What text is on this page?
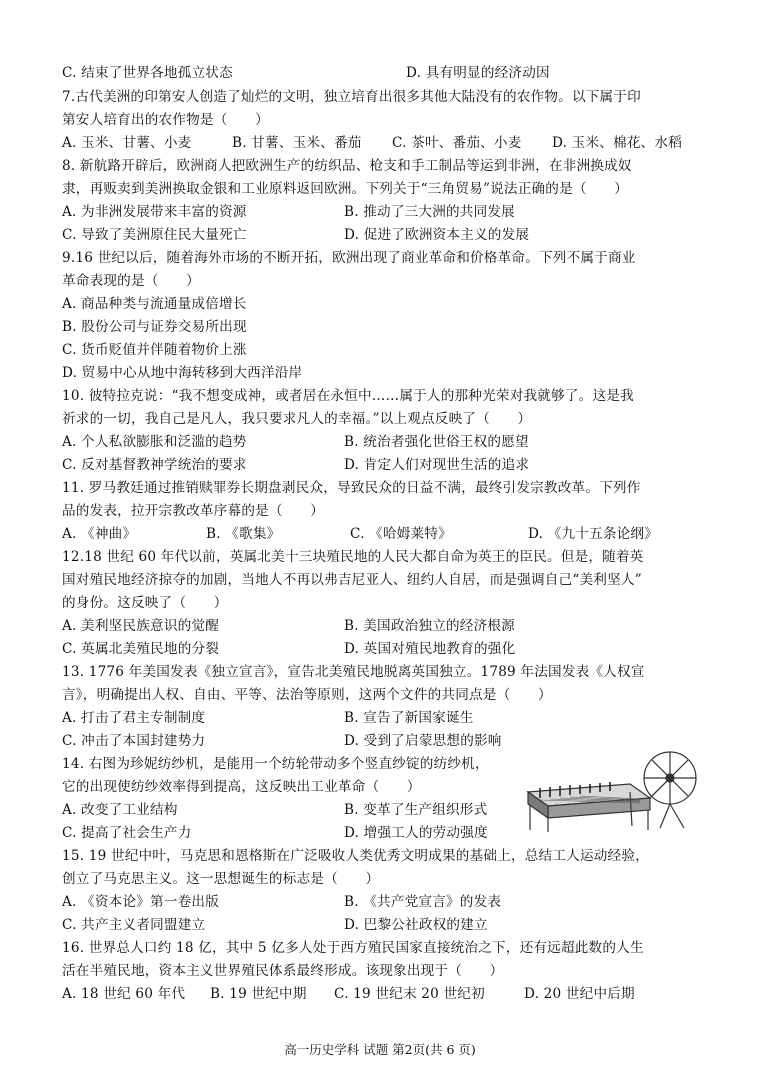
C. 结束了世界各地孤立状态	D. 具有明显的经济动因
7.古代美洲的印第安人创造了灿烂的文明，独立培育出很多其他大陆没有的农作物。以下属于印
第安人培育出的农作物是（　　）
A. 玉米、甘薯、小麦	B. 甘薯、玉米、番茄 C. 茶叶、番茄、小麦 D. 玉米、棉花、水稻
8. 新航路开辟后，欧洲商人把欧洲生产的纺织品、枪支和手工制品等运到非洲，在非洲换成奴
隶，再贩卖到美洲换取金银和工业原料返回欧洲。下列关于“三角贸易”说法正确的是（　　）
A. 为非洲发展带来丰富的资源	B. 推动了三大洲的共同发展
C. 导致了美洲原住民大量死亡	D. 促进了欧洲资本主义的发展
9.16 世纪以后，随着海外市场的不断开拓，欧洲出现了商业革命和价格革命。下列不属于商业
革命表现的是（　　）
A. 商品种类与流通量成倍增长
B. 股份公司与证券交易所出现
C. 货币贬值并伴随着物价上涨
D. 贸易中心从地中海转移到大西洋沿岸
10. 彼特拉克说：“我不想变成神，或者居在永恒中……属于人的那种光荣对我就够了。这是我
祈求的一切，我自己是凡人，我只要求凡人的幸福。”以上观点反映了（　　）
A. 个人私欲膨胀和泛滥的趋势	B. 统治者强化世俗王权的愿望
C. 反对基督教神学统治的要求	D. 肯定人们对现世生活的追求
11. 罗马教廷通过推销赎罪券长期盘剥民众，导致民众的日益不满，最终引发宗教改革。下列作
品的发表，拉开宗教改革序幕的是（　　）
A. 《神曲》	B. 《歌集》	C. 《哈姆莱特》	D. 《九十五条论纲》
12.18 世纪 60 年代以前，英属北美十三块殖民地的人民大都自命为英王的臣民。但是，随着英
国对殖民地经济掠夺的加剧，当地人不再以弗吉尼亚人、纽约人自居，而是强调自己“美利坚人”
的身份。这反映了（　　）
A. 美利坚民族意识的觉醒	B. 美国政治独立的经济根源
C. 英属北美殖民地的分裂	D. 英国对殖民地教育的强化
13. 1776 年美国发表《独立宣言》，宣告北美殖民地脱离英国独立。1789 年法国发表《人权宣
言》，明确提出人权、自由、平等、法治等原则，这两个文件的共同点是（　　）
A. 打击了君主专制制度	B. 宣告了新国家诞生
C. 冲击了本国封建势力	D. 受到了启蒙思想的影响
14. 右图为珍妮纺纱机，是能用一个纺轮带动多个竖直纱锭的纺纱机，
它的出现使纺纱效率得到提高，这反映出工业革命（　　）
A. 改变了工业结构	B. 变革了生产组织形式
C. 提高了社会生产力	D. 增强工人的劳动强度
15. 19 世纪中叶，马克思和恩格斯在广泛吸收人类优秀文明成果的基础上，总结工人运动经验，
创立了马克思主义。这一思想诞生的标志是（　　）
A. 《资本论》第一卷出版	B. 《共产党宣言》的发表
C. 共产主义者同盟建立	D. 巴黎公社政权的建立
16. 世界总人口约 18 亿，其中 5 亿多人处于西方殖民国家直接统治之下，还有远超此数的人生
活在半殖民地，资本主义世界殖民体系最终形成。该现象出现于（　　）
A. 18 世纪 60 年代 B. 19 世纪中期 C. 19 世纪末 20 世纪初	D. 20 世纪中后期
高一历史学科 试题 第2页(共 6 页)
